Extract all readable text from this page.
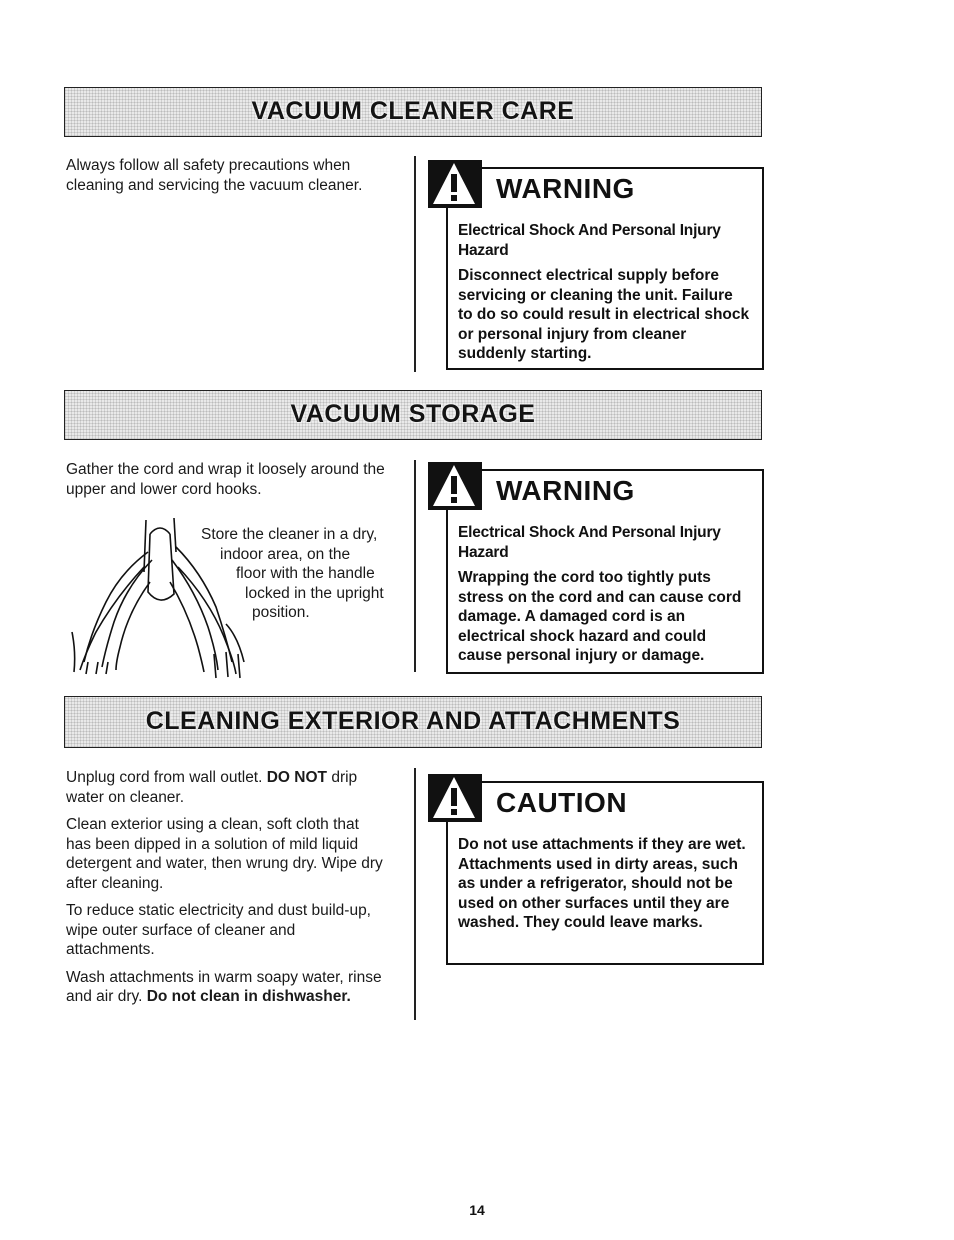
VACUUM CLEANER CARE

Always follow all safety precautions when cleaning and servicing the vacuum cleaner.	WARNING

Electrical Shock And Personal Injury Hazard

Disconnect electrical supply before servicing or cleaning the unit. Failure to do so could result in electrical shock or personal injury from cleaner suddenly starting.

VACUUM STORAGE

Gather the cord and wrap it loosely around the upper and lower cord hooks.

Store the cleaner in a dry,
indoor area, on the
floor with the handle
locked in the upright
position.
WARNING

Electrical Shock And Personal Injury Hazard

Wrapping the cord too tightly puts stress on the cord and can cause cord damage. A damaged cord is an electrical shock hazard and could cause personal injury or damage.

CLEANING EXTERIOR AND ATTACHMENTS

Unplug cord from wall outlet. DO NOT drip water on cleaner.

Clean exterior using a clean, soft cloth that has been dipped in a solution of mild liquid detergent and water, then wrung dry. Wipe dry after cleaning.

To reduce static electricity and dust build-up, wipe outer surface of cleaner and attachments.

Wash attachments in warm soapy water, rinse and air dry. Do not clean in dishwasher.

CAUTION

Do not use attachments if they are wet. Attachments used in dirty areas, such as under a refrigerator, should not be used on other surfaces until they are washed. They could leave marks.

14
